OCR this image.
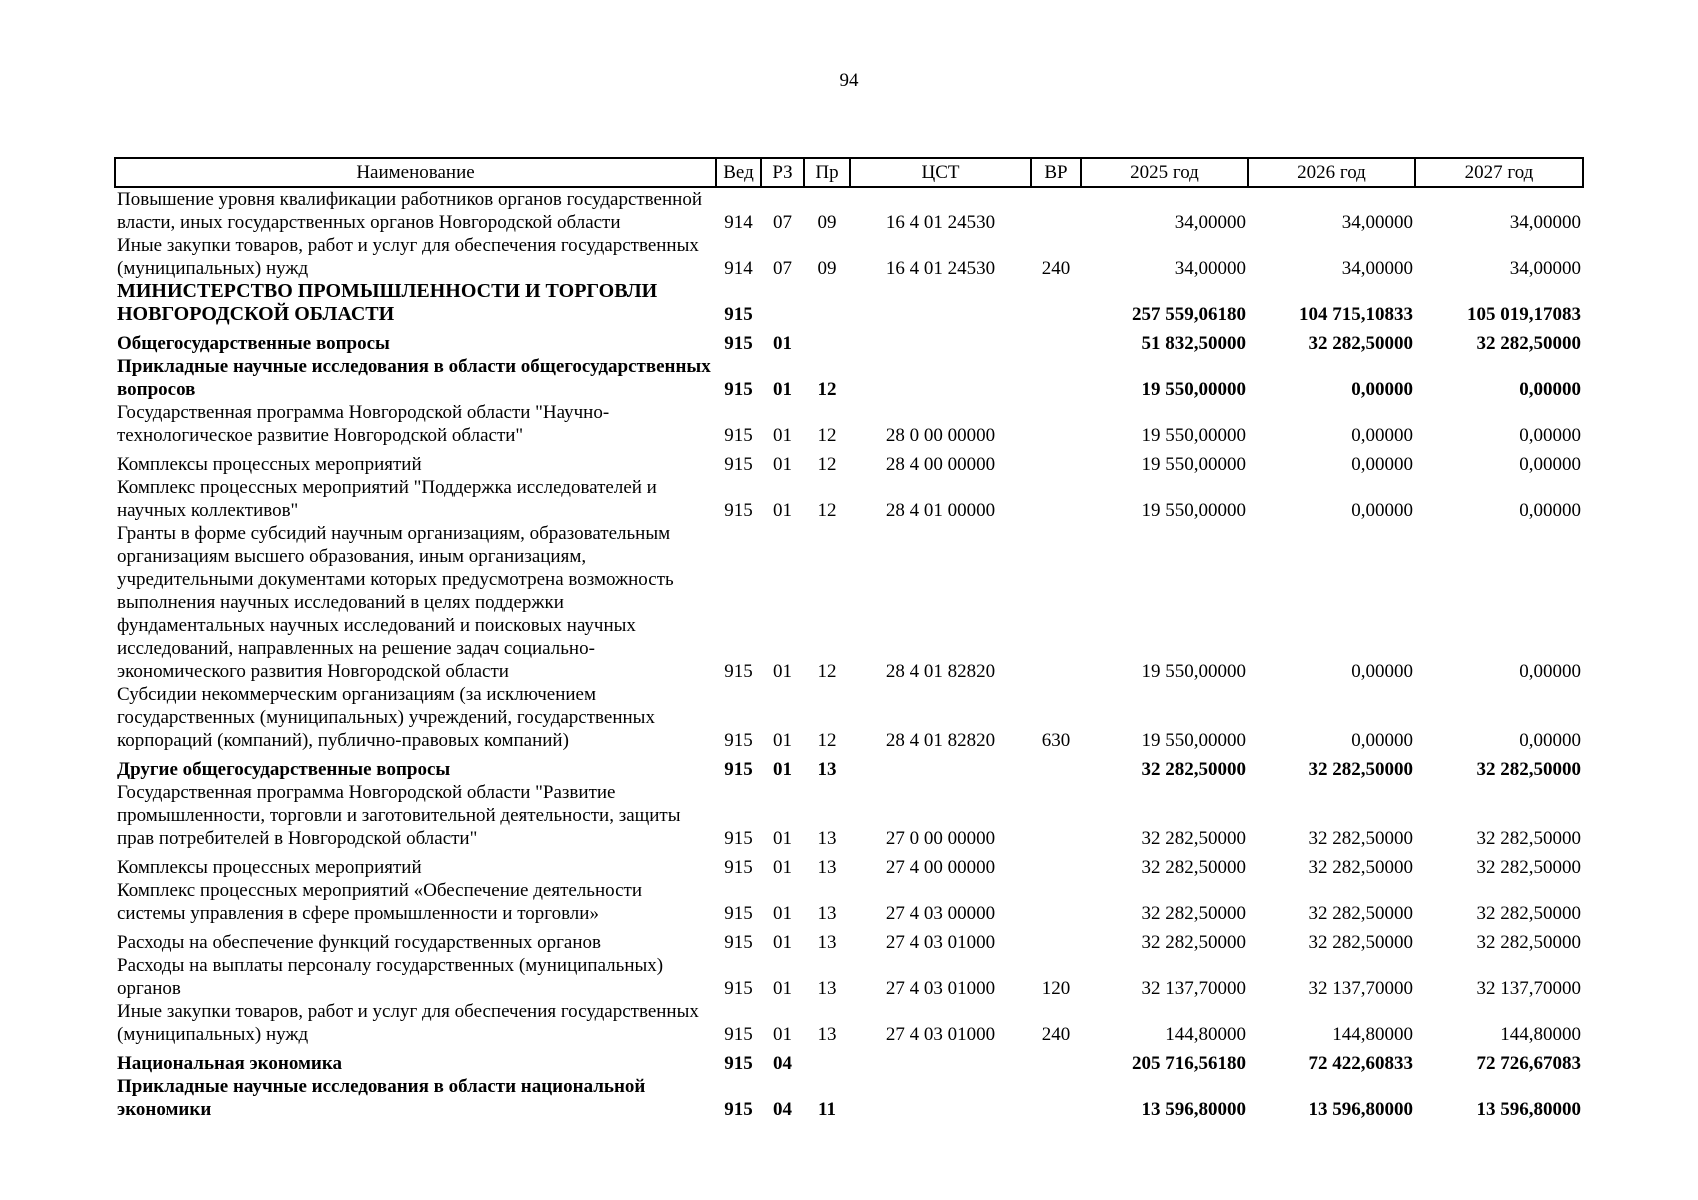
94
Наименование	Вед	РЗ	Пр	ЦСТ	ВР	2025 год	2026 год	2027 год
Повышение уровня квалификации работников органов государственной власти, иных государственных органов Новгородской области	914	07	09	16 4 01 24530		34,00000	34,00000	34,00000
Иные закупки товаров, работ и услуг для обеспечения государственных (муниципальных) нужд	914	07	09	16 4 01 24530	240	34,00000	34,00000	34,00000
МИНИСТЕРСТВО ПРОМЫШЛЕННОСТИ И ТОРГОВЛИ НОВГОРОДСКОЙ ОБЛАСТИ	915					257 559,06180	104 715,10833	105 019,17083
Общегосударственные вопросы	915	01				51 832,50000	32 282,50000	32 282,50000
Прикладные научные исследования в области общегосударственных вопросов	915	01	12			19 550,00000	0,00000	0,00000
Государственная программа Новгородской области "Научно-технологическое развитие Новгородской области"	915	01	12	28 0 00 00000		19 550,00000	0,00000	0,00000
Комплексы процессных мероприятий	915	01	12	28 4 00 00000		19 550,00000	0,00000	0,00000
Комплекс процессных мероприятий "Поддержка исследователей и научных коллективов"	915	01	12	28 4 01 00000		19 550,00000	0,00000	0,00000
Гранты в форме субсидий научным организациям, образовательным организациям высшего образования, иным организациям, учредительными документами которых предусмотрена возможность выполнения научных исследований в целях поддержки фундаментальных научных исследований и поисковых научных исследований, направленных на решение задач социально-экономического развития Новгородской области	915	01	12	28 4 01 82820		19 550,00000	0,00000	0,00000
Субсидии некоммерческим организациям (за исключением государственных (муниципальных) учреждений, государственных корпораций (компаний), публично-правовых компаний)	915	01	12	28 4 01 82820	630	19 550,00000	0,00000	0,00000
Другие общегосударственные вопросы	915	01	13			32 282,50000	32 282,50000	32 282,50000
Государственная программа Новгородской области "Развитие промышленности, торговли и заготовительной деятельности, защиты прав потребителей в Новгородской области"	915	01	13	27 0 00 00000		32 282,50000	32 282,50000	32 282,50000
Комплексы процессных мероприятий	915	01	13	27 4 00 00000		32 282,50000	32 282,50000	32 282,50000
Комплекс процессных мероприятий «Обеспечение деятельности системы управления в сфере промышленности и торговли»	915	01	13	27 4 03 00000		32 282,50000	32 282,50000	32 282,50000
Расходы на обеспечение функций государственных органов	915	01	13	27 4 03 01000		32 282,50000	32 282,50000	32 282,50000
Расходы на выплаты персоналу государственных (муниципальных) органов	915	01	13	27 4 03 01000	120	32 137,70000	32 137,70000	32 137,70000
Иные закупки товаров, работ и услуг для обеспечения государственных (муниципальных) нужд	915	01	13	27 4 03 01000	240	144,80000	144,80000	144,80000
Национальная экономика	915	04				205 716,56180	72 422,60833	72 726,67083
Прикладные научные исследования в области национальной экономики	915	04	11			13 596,80000	13 596,80000	13 596,80000
